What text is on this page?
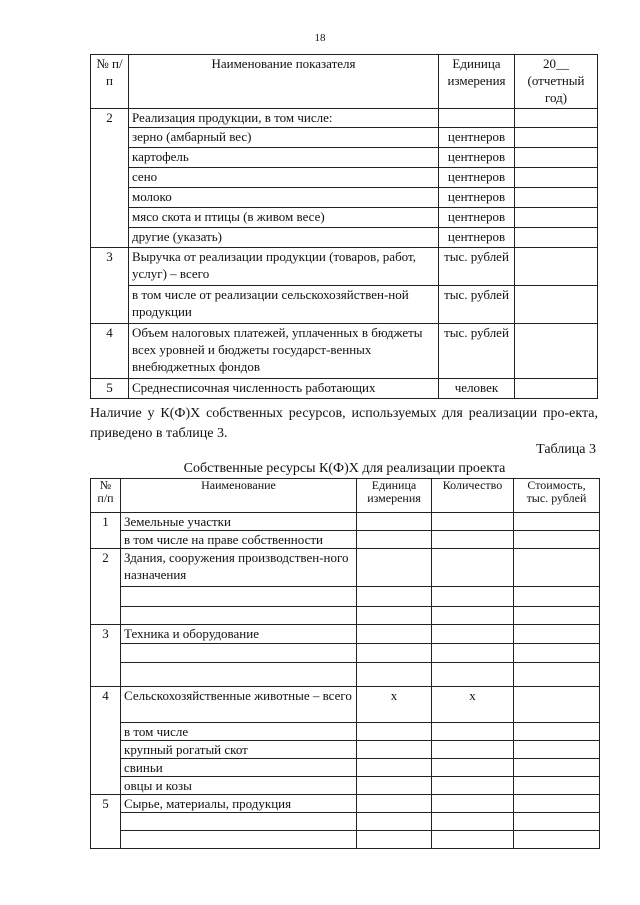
18
№ п/п	Наименование показателя	Единица измерения	20__ (отчетный год)
2	Реализация продукции, в том числе:		
	зерно (амбарный вес)	центнеров	
	картофель	центнеров	
	сено	центнеров	
	молоко	центнеров	
	мясо скота и птицы (в живом весе)	центнеров	
	другие (указать)	центнеров	
3	Выручка от реализации продукции (товаров, работ, услуг) – всего	тыс. рублей	
	в том числе от реализации сельскохозяйствен-ной продукции	тыс. рублей	
4	Объем налоговых платежей, уплаченных в бюджеты всех уровней и бюджеты государст-венных внебюджетных фондов	тыс. рублей	
5	Среднесписочная численность работающих	человек	
Наличие у К(Ф)Х собственных ресурсов, используемых для реализации про-екта, приведено в таблице 3.
Таблица 3
Собственные ресурсы К(Ф)Х для реализации проекта
№ п/п	Наименование	Единица измерения	Количество	Стоимость, тыс. рублей
1	Земельные участки			
	в том числе на праве собственности			
2	Здания, сооружения производствен-ного назначения			

3	Техника и оборудование			

4	Сельскохозяйственные животные – всего	х	х	
	в том числе			
	крупный рогатый скот			
	свиньи			
	овцы и козы			
5	Сырье, материалы, продукция			
